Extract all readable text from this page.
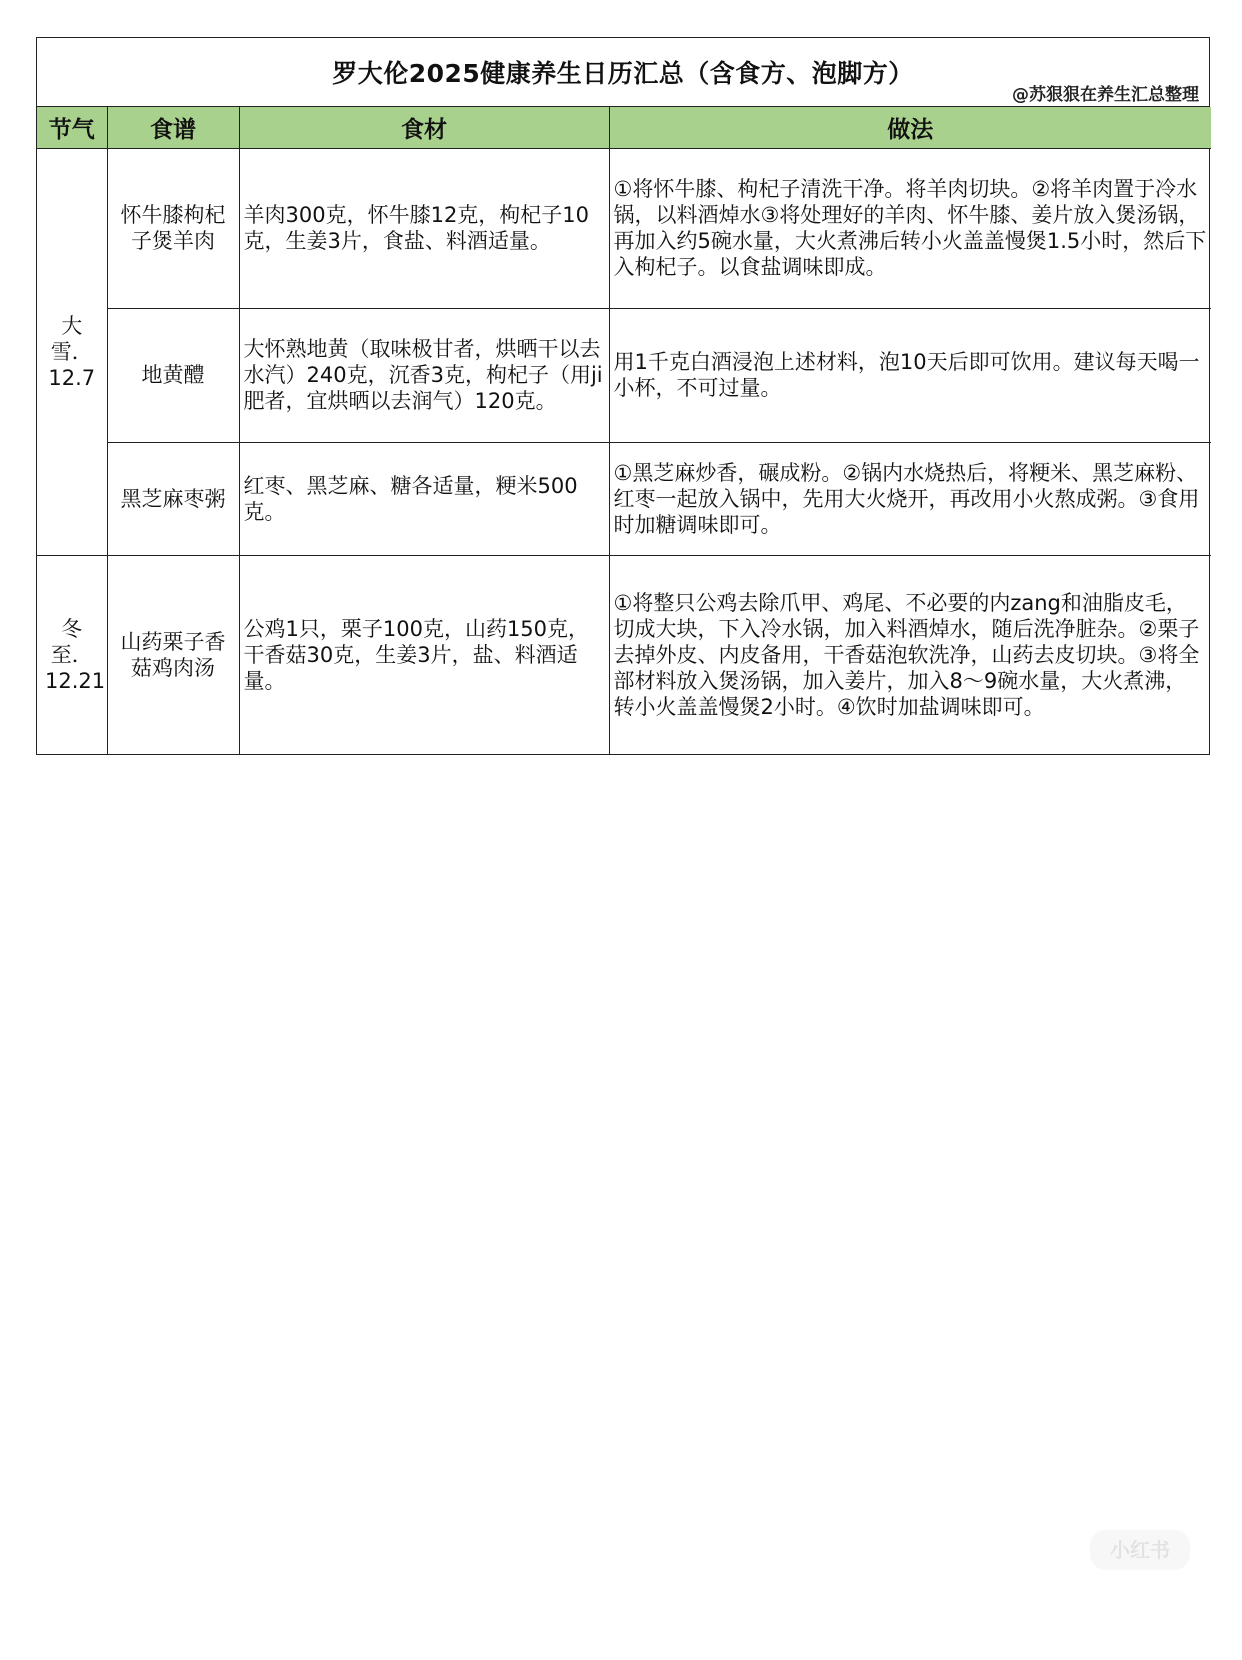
罗大伦2025健康养生日历汇总（含食方、泡脚方）
@苏狠狠在养生汇总整理
节气	食谱	食材	做法
大雪．12.7	怀牛膝枸杞子煲羊肉	羊肉300克，怀牛膝12克，枸杞子10克，生姜3片，食盐、料酒适量。	①将怀牛膝、枸杞子清洗干净。将羊肉切块。②将羊肉置于冷水锅，以料酒焯水③将处理好的羊肉、怀牛膝、姜片放入煲汤锅，再加入约5碗水量，大火煮沸后转小火盖盖慢煲1.5小时，然后下入枸杞子。以食盐调味即成。
	地黄醴	大怀熟地黄（取味极甘者，烘晒干以去水汽）240克，沉香3克，枸杞子（用ji肥者，宜烘晒以去润气）120克。	用1千克白酒浸泡上述材料，泡10天后即可饮用。建议每天喝一小杯，不可过量。
	黑芝麻枣粥	红枣、黑芝麻、糖各适量，粳米500克。	①黑芝麻炒香，碾成粉。②锅内水烧热后，将粳米、黑芝麻粉、红枣一起放入锅中，先用大火烧开，再改用小火熬成粥。③食用时加糖调味即可。
冬至．12.21	山药栗子香菇鸡肉汤	公鸡1只，栗子100克，山药150克，干香菇30克，生姜3片，盐、料酒适量。	①将整只公鸡去除爪甲、鸡尾、不必要的内zang和油脂皮毛，切成大块，下入冷水锅，加入料酒焯水，随后洗净脏杂。②栗子去掉外皮、内皮备用，干香菇泡软洗净，山药去皮切块。③将全部材料放入煲汤锅，加入姜片，加入8～9碗水量，大火煮沸，转小火盖盖慢煲2小时。④饮时加盐调味即可。
小红书
